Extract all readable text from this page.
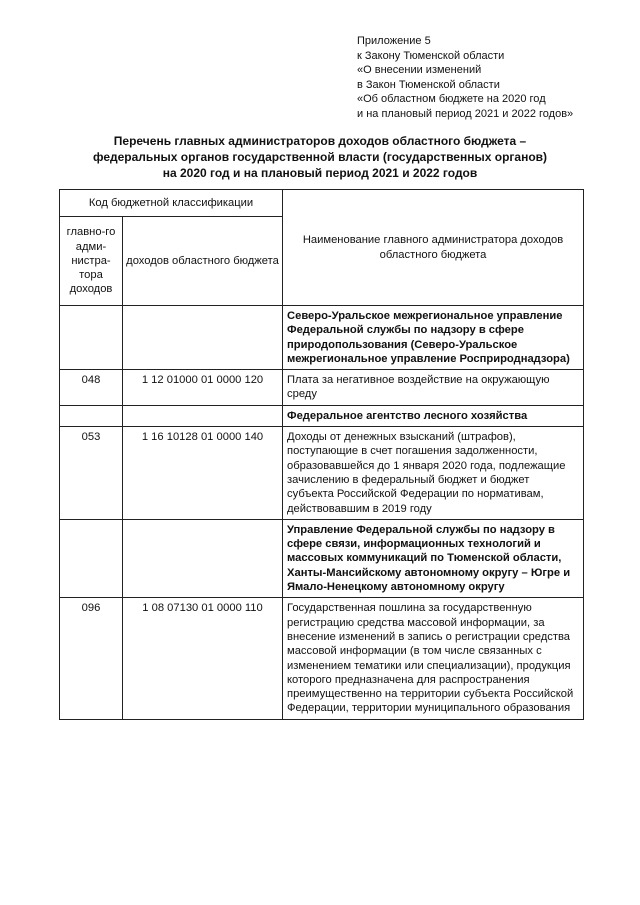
Приложение 5
к Закону Тюменской области
«О внесении изменений
в Закон Тюменской области
«Об областном бюджете на 2020 год
и на плановый период 2021 и 2022 годов»
Перечень главных администраторов доходов областного бюджета –
федеральных органов государственной власти (государственных органов)
на 2020 год и на плановый период 2021 и 2022 годов
Код бюджетной классификации		Наименование главного администратора доходов областного бюджета
главно-го адми-нистра-тора доходов	доходов областного бюджета	
		Северо-Уральское межрегиональное управление Федеральной службы по надзору в сфере природопользования (Северо-Уральское межрегиональное управление Росприроднадзора)
048	1 12 01000 01 0000 120	Плата за негативное воздействие на окружающую среду
		Федеральное агентство лесного хозяйства
053	1 16 10128 01 0000 140	Доходы от денежных взысканий (штрафов), поступающие в счет погашения задолженности, образовавшейся до 1 января 2020 года, подлежащие зачислению в федеральный бюджет и бюджет субъекта Российской Федерации по нормативам, действовавшим в 2019 году
		Управление Федеральной службы по надзору в сфере связи, информационных технологий и массовых коммуникаций по Тюменской области, Ханты-Мансийскому автономному округу – Югре и Ямало-Ненецкому автономному округу
096	1 08 07130 01 0000 110	Государственная пошлина за государственную регистрацию средства массовой информации, за внесение изменений в запись о регистрации средства массовой информации (в том числе связанных с изменением тематики или специализации), продукция которого предназначена для распространения преимущественно на территории субъекта Российской Федерации, территории муниципального образования
